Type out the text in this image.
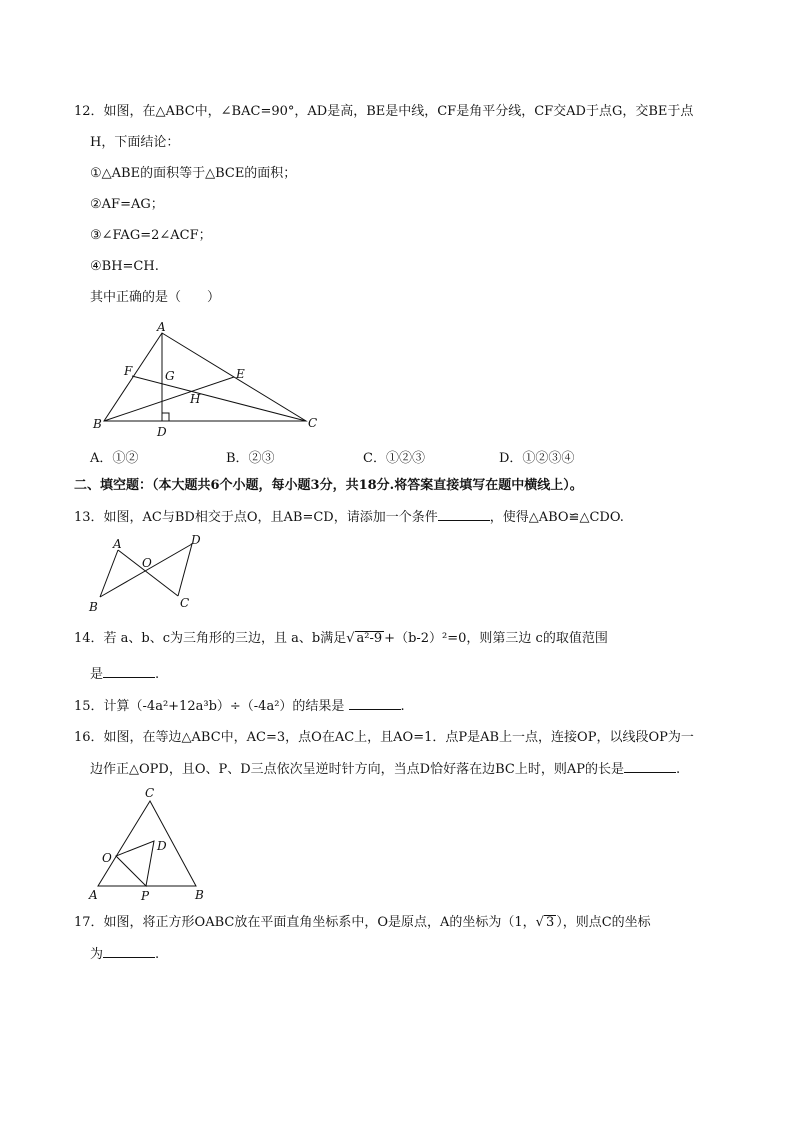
12．如图，在△ABC中，∠BAC=90°，AD是高，BE是中线，CF是角平分线，CF交AD于点G，交BE于点
H，下面结论：
①△ABE的面积等于△BCE的面积；
②AF=AG；
③∠FAG=2∠ACF；
④BH=CH.
其中正确的是（　　）
A
F	G	E
H
B
D
C
A．①②	B．②③	C．①②③	D．①②③④
二、填空题：（本大题共6个小题，每小题3分，共18分.将答案直接填写在题中横线上）。
13．如图，AC与BD相交于点O，且AB=CD，请添加一个条件	，使得△ABO≌△CDO.
A	D
O
B	C
14．若 a、b、c为三角形的三边，且 a、b满足√ a²-9 +（b-2）²=0，则第三边 c的取值范围
是	.
15．计算（-4a²+12a³b）÷（-4a²）的结果是	.
16．如图，在等边△ABC中，AC=3，点O在AC上，且AO=1．点P是AB上一点，连接OP，以线段OP为一
边作正△OPD，且O、P、D三点依次呈逆时针方向，当点D恰好落在边BC上时，则AP的长是	.
C
D
O
A	P	B
17．如图，将正方形OABC放在平面直角坐标系中，O是原点，A的坐标为（1，√ 3 ），则点C的坐标
为	.
